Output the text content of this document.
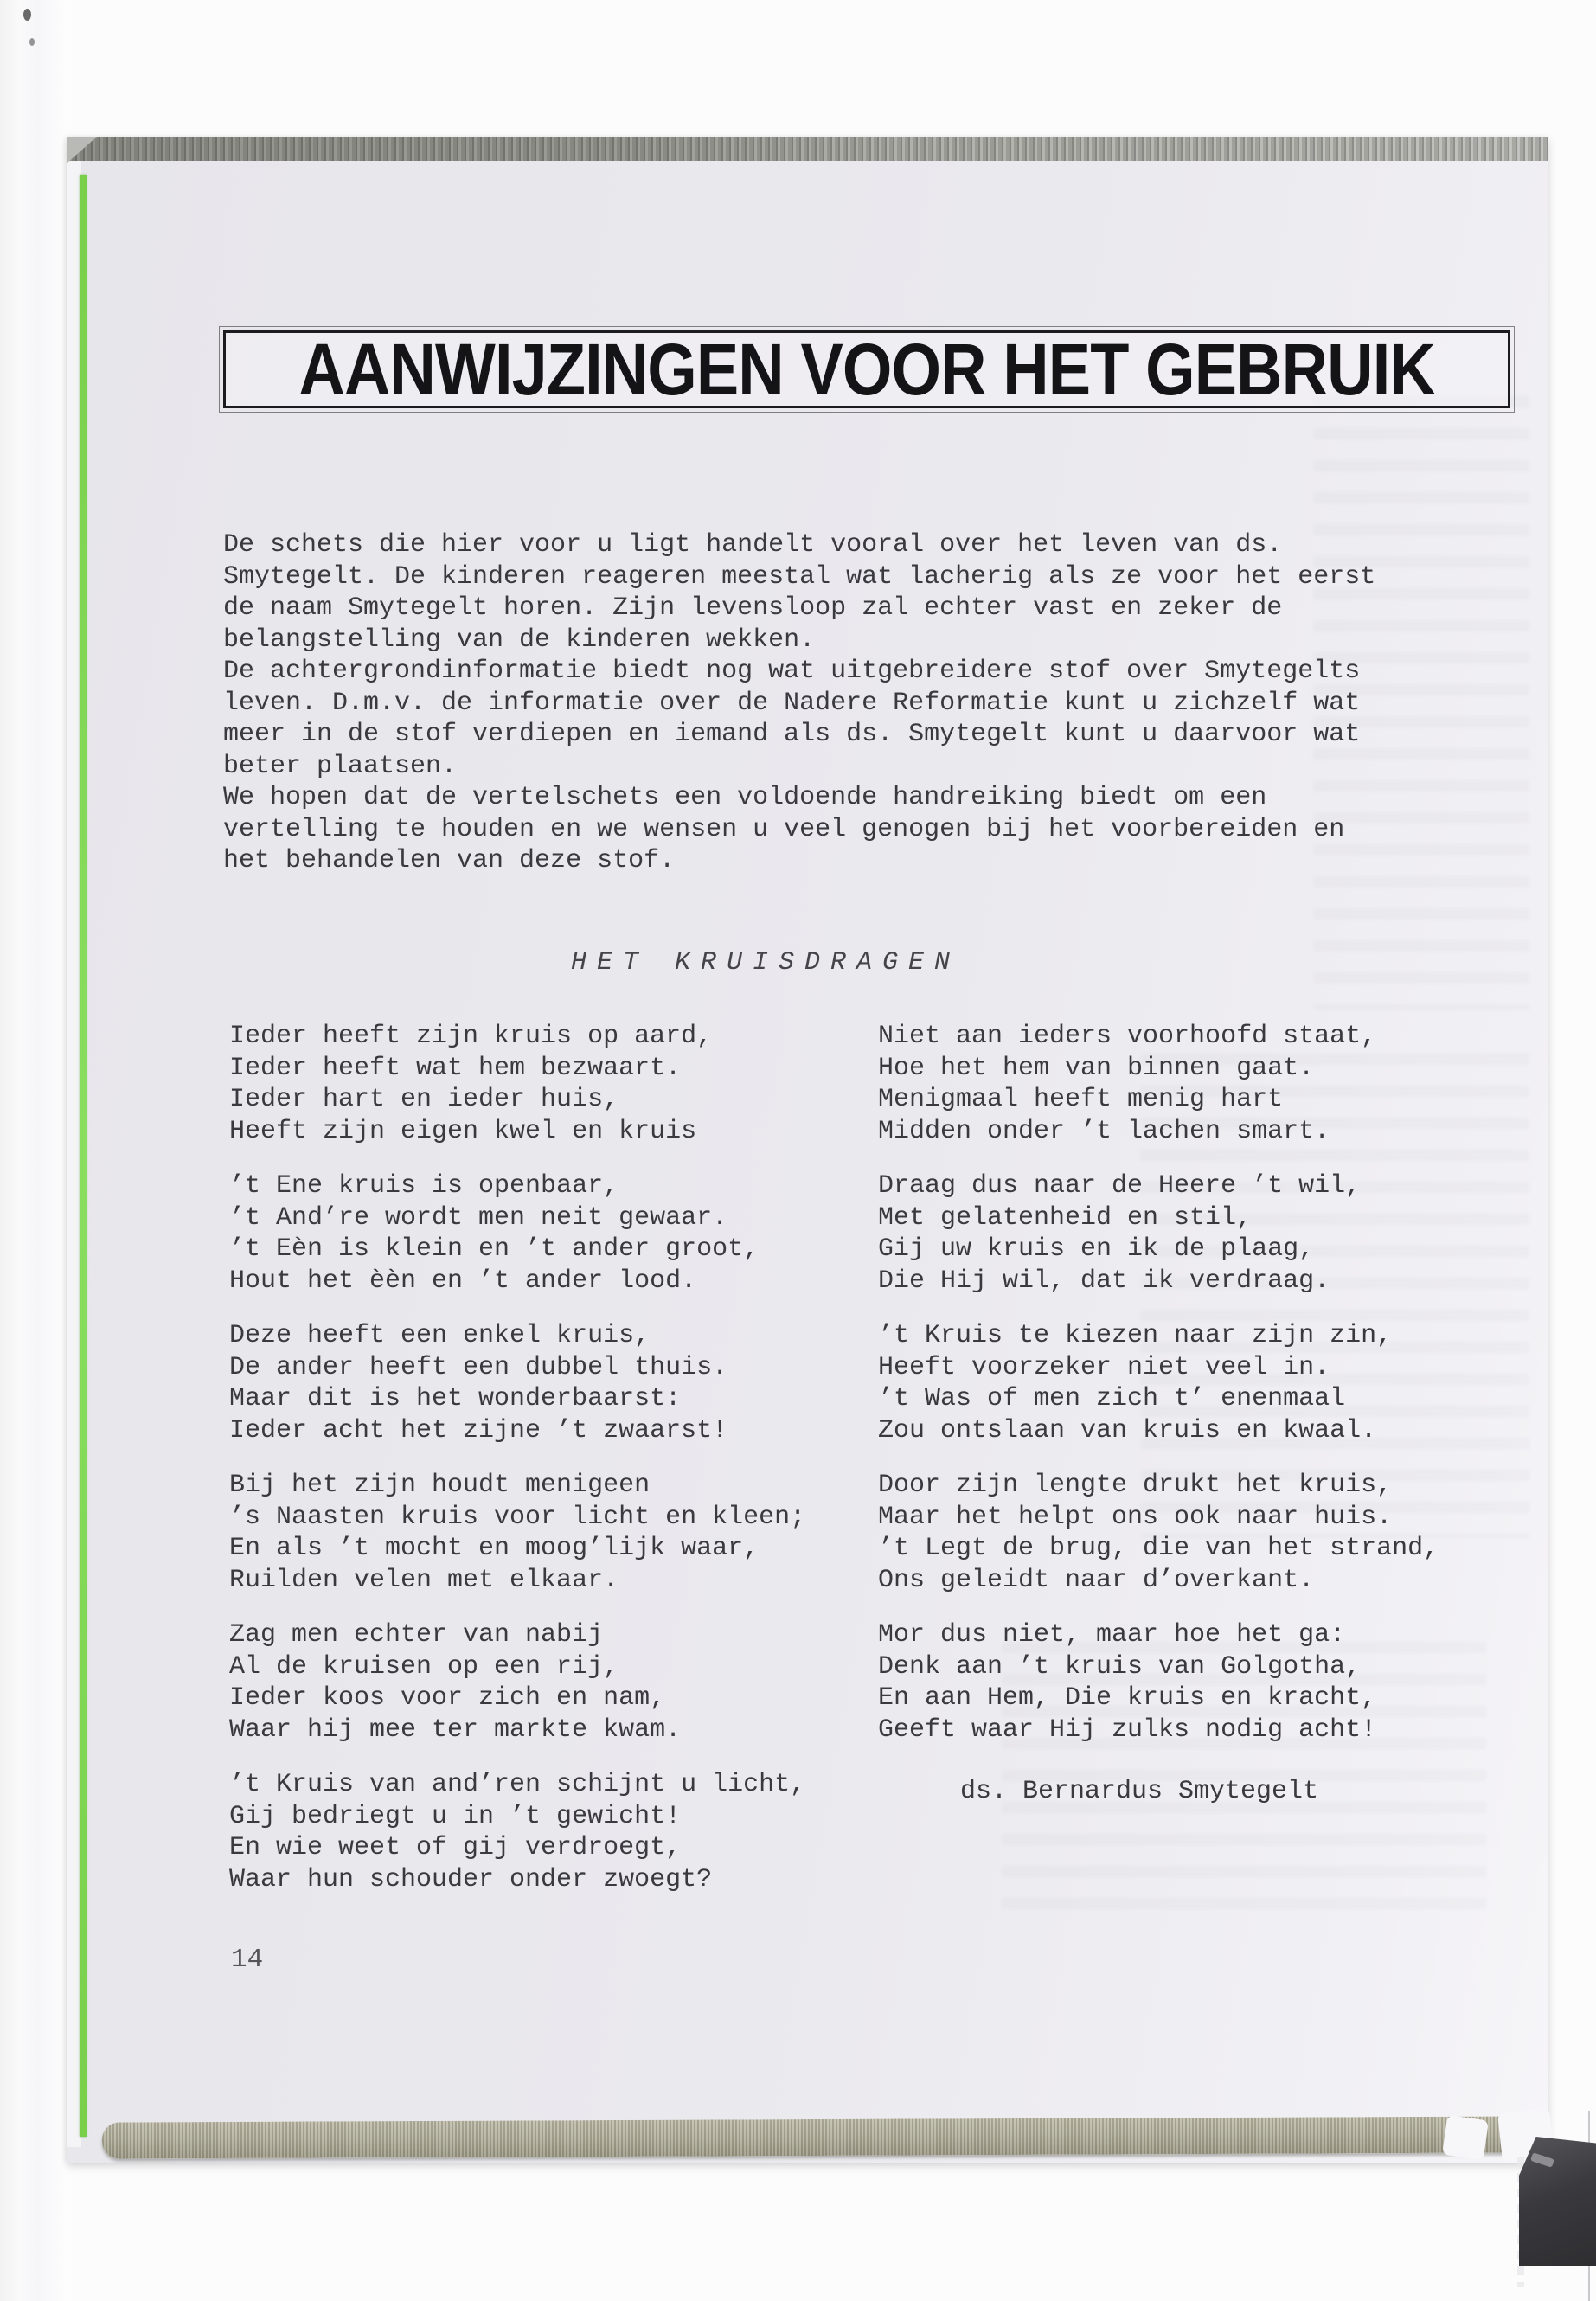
AANWIJZINGEN VOOR HET GEBRUIK
De schets die hier voor u ligt handelt vooral over het leven van ds.
Smytegelt. De kinderen reageren meestal wat lacherig als ze voor het eerst
de naam Smytegelt horen. Zijn levensloop zal echter vast en zeker de
belangstelling van de kinderen wekken.
De achtergrondinformatie biedt nog wat uitgebreidere stof over Smytegelts
leven. D.m.v. de informatie over de Nadere Reformatie kunt u zichzelf wat
meer in de stof verdiepen en iemand als ds. Smytegelt kunt u daarvoor wat
beter plaatsen.
We hopen dat de vertelschets een voldoende handreiking biedt om een
vertelling te houden en we wensen u veel genogen bij het voorbereiden en
het behandelen van deze stof.
HET KRUISDRAGEN
Ieder heeft zijn kruis op aard,
Ieder heeft wat hem bezwaart.
Ieder hart en ieder huis,
Heeft zijn eigen kwel en kruis
’t Ene kruis is openbaar,
’t And’re wordt men neit gewaar.
’t Eèn is klein en ’t ander groot,
Hout het èèn en ’t ander lood.
Deze heeft een enkel kruis,
De ander heeft een dubbel thuis.
Maar dit is het wonderbaarst:
Ieder acht het zijne ’t zwaarst!
Bij het zijn houdt menigeen
’s Naasten kruis voor licht en kleen;
En als ’t mocht en moog’lijk waar,
Ruilden velen met elkaar.
Zag men echter van nabij
Al de kruisen op een rij,
Ieder koos voor zich en nam,
Waar hij mee ter markte kwam.
’t Kruis van and’ren schijnt u licht,
Gij bedriegt u in ’t gewicht!
En wie weet of gij verdroegt,
Waar hun schouder onder zwoegt?
Niet aan ieders voorhoofd staat,
Hoe het hem van binnen gaat.
Menigmaal heeft menig hart
Midden onder ’t lachen smart.
Draag dus naar de Heere ’t wil,
Met gelatenheid en stil,
Gij uw kruis en ik de plaag,
Die Hij wil, dat ik verdraag.
’t Kruis te kiezen naar zijn zin,
Heeft voorzeker niet veel in.
’t Was of men zich t’ enenmaal
Zou ontslaan van kruis en kwaal.
Door zijn lengte drukt het kruis,
Maar het helpt ons ook naar huis.
’t Legt de brug, die van het strand,
Ons geleidt naar d’overkant.
Mor dus niet, maar hoe het ga:
Denk aan ’t kruis van Golgotha,
En aan Hem, Die kruis en kracht,
Geeft waar Hij zulks nodig acht!
ds. Bernardus Smytegelt
14
